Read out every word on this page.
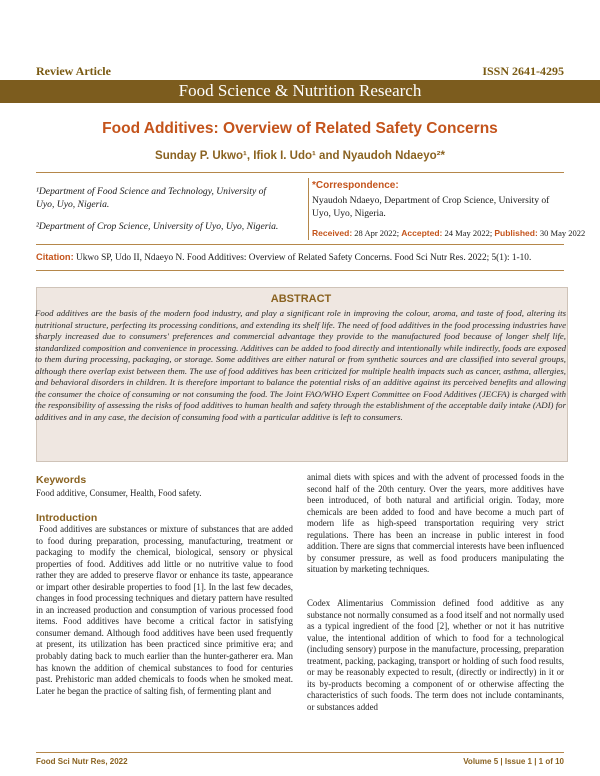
Review Article	ISSN 2641-4295
Food Science & Nutrition Research
Food Additives: Overview of Related Safety Concerns
Sunday P. Ukwo¹, Ifiok I. Udo¹ and Nyaudoh Ndaeyo²*
¹Department of Food Science and Technology, University of Uyo, Uyo, Nigeria.
²Department of Crop Science, University of Uyo, Uyo, Nigeria.
*Correspondence:
Nyaudoh Ndaeyo, Department of Crop Science, University of Uyo, Uyo, Nigeria.
Received: 28 Apr 2022; Accepted: 24 May 2022; Published: 30 May 2022
Citation: Ukwo SP, Udo II, Ndaeyo N. Food Additives: Overview of Related Safety Concerns. Food Sci Nutr Res. 2022; 5(1): 1-10.
ABSTRACT
Food additives are the basis of the modern food industry, and play a significant role in improving the colour, aroma, and taste of food, altering its nutritional structure, perfecting its processing conditions, and extending its shelf life. The need of food additives in the food processing industries have sharply increased due to consumers' preferences and commercial advantage they provide to the manufactured food because of longer shelf life, standardized composition and convenience in processing. Additives can be added to food directly and intentionally while indirectly, foods are exposed to them during processing, packaging, or storage. Some additives are either natural or from synthetic sources and are classified into several groups, although there overlap exist between them. The use of food additives has been criticized for multiple health impacts such as cancer, asthma, allergies, and behavioral disorders in children. It is therefore important to balance the potential risks of an additive against its perceived benefits and allowing the consumer the choice of consuming or not consuming the food. The Joint FAO/WHO Expert Committee on Food Additives (JECFA) is charged with the responsibility of assessing the risks of food additives to human health and safety through the establishment of the acceptable daily intake (ADI) for additives and in any case, the decision of consuming food with a particular additive is left to consumers.
Keywords
Food additive, Consumer, Health, Food safety.
Introduction
Food additives are substances or mixture of substances that are added to food during preparation, processing, manufacturing, treatment or packaging to modify the chemical, biological, sensory or physical properties of food. Additives add little or no nutritive value to food rather they are added to preserve flavor or enhance its taste, appearance or impart other desirable properties to food [1]. In the last few decades, changes in food processing techniques and dietary pattern have resulted in an increased production and consumption of various processed food items. Food additives have become a critical factor in satisfying consumer demand. Although food additives have been used frequently at present, its utilization has been practiced since primitive era; and probably dating back to much earlier than the hunter-gatherer era. Man has known the addition of chemical substances to food for centuries past. Prehistoric man added chemicals to foods when he smoked meat. Later he began the practice of salting fish, of fermenting plant and
animal diets with spices and with the advent of processed foods in the second half of the 20th century. Over the years, more additives have been introduced, of both natural and artificial origin. Today, more chemicals are been added to food and have become a much part of modern life as high-speed transportation requiring very strict regulations. There has been an increase in public interest in food addition. There are signs that commercial interests have been influenced by consumer pressure, as well as food producers manipulating the situation by marketing techniques.
Codex Alimentarius Commission defined food additive as any substance not normally consumed as a food itself and not normally used as a typical ingredient of the food [2], whether or not it has nutritive value, the intentional addition of which to food for a technological (including sensory) purpose in the manufacture, processing, preparation treatment, packing, packaging, transport or holding of such food results, or may be reasonably expected to result, (directly or indirectly) in it or its by-products becoming a component of or otherwise affecting the characteristics of such foods. The term does not include contaminants, or substances added
Food Sci Nutr Res, 2022	Volume 5 | Issue 1 | 1 of 10
